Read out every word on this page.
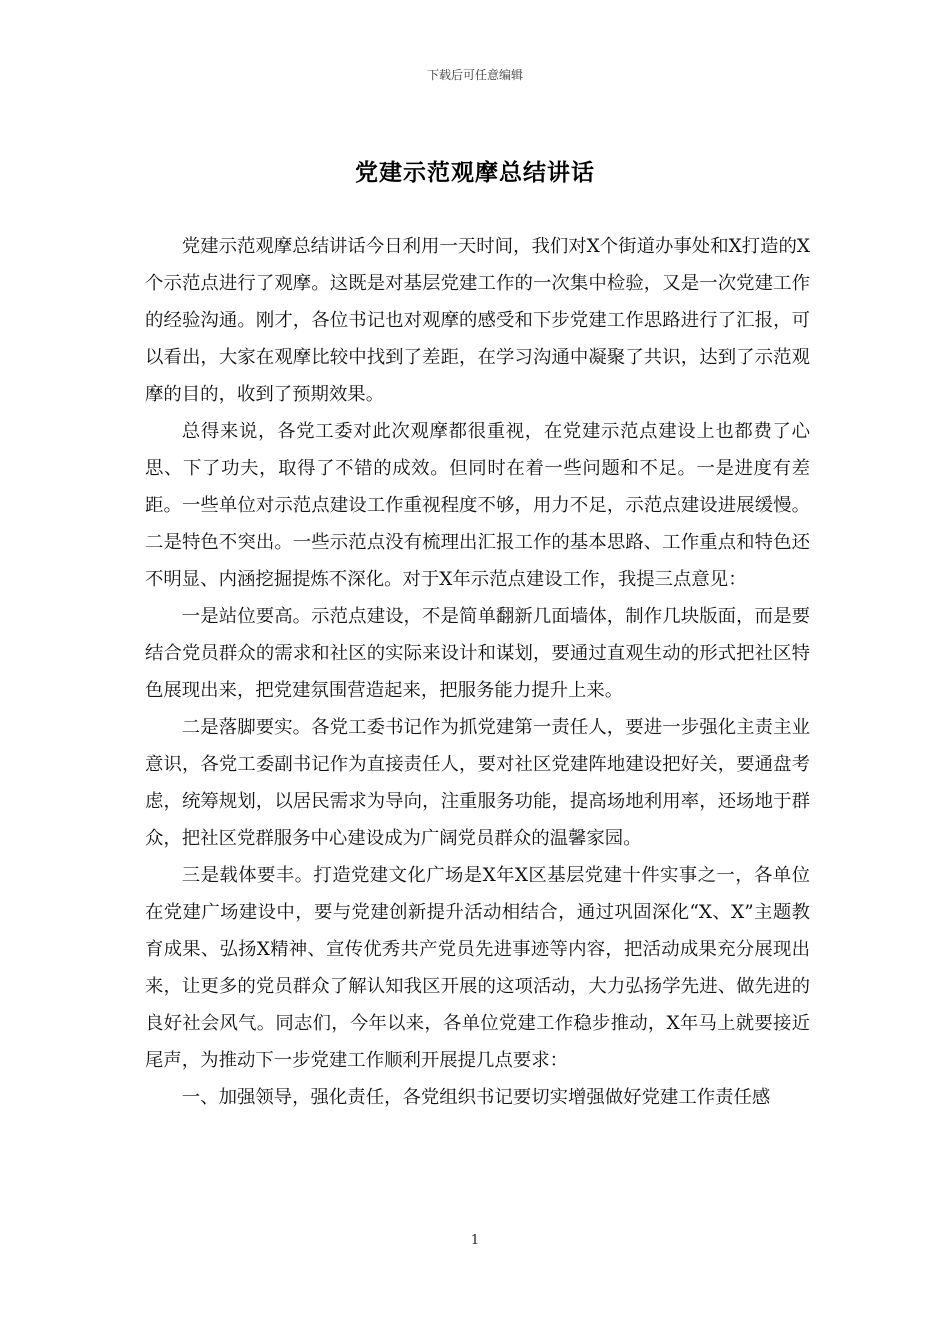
下载后可任意编辑
党建示范观摩总结讲话

党建示范观摩总结讲话今日利用一天时间，我们对X个街道办事处和X打造的X个示范点进行了观摩。这既是对基层党建工作的一次集中检验，又是一次党建工作的经验沟通。刚才，各位书记也对观摩的感受和下步党建工作思路进行了汇报，可以看出，大家在观摩比较中找到了差距，在学习沟通中凝聚了共识，达到了示范观摩的目的，收到了预期效果。

总得来说，各党工委对此次观摩都很重视，在党建示范点建设上也都费了心思、下了功夫，取得了不错的成效。但同时在着一些问题和不足。一是进度有差距。一些单位对示范点建设工作重视程度不够，用力不足，示范点建设进展缓慢。二是特色不突出。一些示范点没有梳理出汇报工作的基本思路、工作重点和特色还不明显、内涵挖掘提炼不深化。对于X年示范点建设工作，我提三点意见：

一是站位要高。示范点建设，不是简单翻新几面墙体，制作几块版面，而是要结合党员群众的需求和社区的实际来设计和谋划，要通过直观生动的形式把社区特色展现出来，把党建氛围营造起来，把服务能力提升上来。

二是落脚要实。各党工委书记作为抓党建第一责任人，要进一步强化主责主业意识，各党工委副书记作为直接责任人，要对社区党建阵地建设把好关，要通盘考虑，统筹规划，以居民需求为导向，注重服务功能，提高场地利用率，还场地于群众，把社区党群服务中心建设成为广阔党员群众的温馨家园。

三是载体要丰。打造党建文化广场是X年X区基层党建十件实事之一，各单位在党建广场建设中，要与党建创新提升活动相结合，通过巩固深化“X、X”主题教育成果、弘扬X精神、宣传优秀共产党员先进事迹等内容，把活动成果充分展现出来，让更多的党员群众了解认知我区开展的这项活动，大力弘扬学先进、做先进的良好社会风气。同志们，今年以来，各单位党建工作稳步推动，X年马上就要接近尾声，为推动下一步党建工作顺利开展提几点要求：

一、加强领导，强化责任，各党组织书记要切实增强做好党建工作责任感

1
